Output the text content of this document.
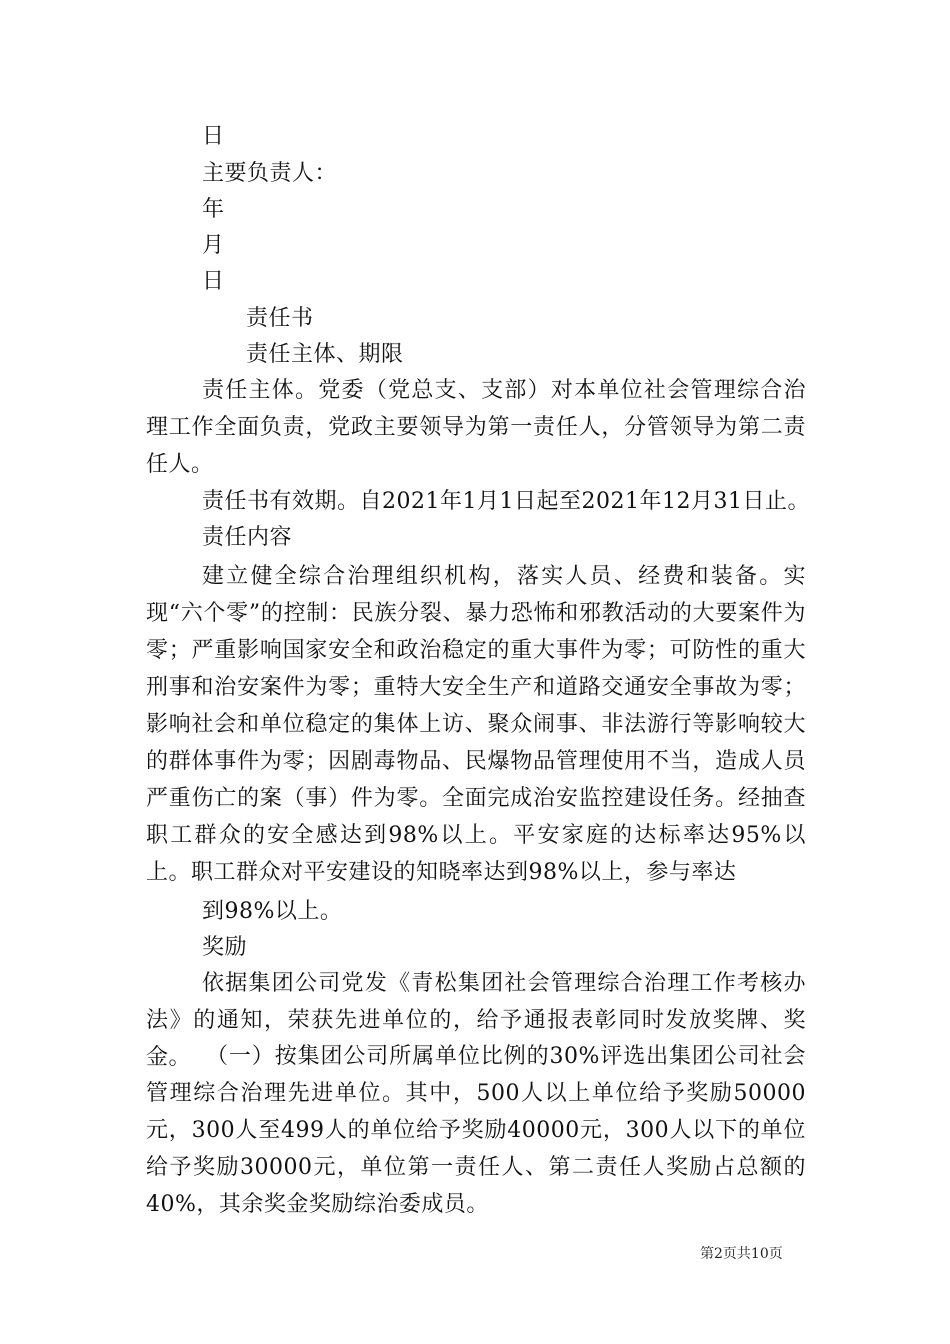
日
主要负责人：
年
月
日
责任书
责任主体、期限
责任主体。党委（党总支、支部）对本单位社会管理综合治理工作全面负责，党政主要领导为第一责任人，分管领导为第二责任人。
责任书有效期。自2021年1月1日起至2021年12月31日止。
责任内容
建立健全综合治理组织机构，落实人员、经费和装备。实现“六个零”的控制：民族分裂、暴力恐怖和邪教活动的大要案件为零；严重影响国家安全和政治稳定的重大事件为零；可防性的重大刑事和治安案件为零；重特大安全生产和道路交通安全事故为零；影响社会和单位稳定的集体上访、聚众闹事、非法游行等影响较大的群体事件为零；因剧毒物品、民爆物品管理使用不当，造成人员严重伤亡的案（事）件为零。全面完成治安监控建设任务。经抽查职工群众的安全感达到98%以上。平安家庭的达标率达95%以上。职工群众对平安建设的知晓率达到98%以上，参与率达
到98%以上。
奖励
依据集团公司党发《青松集团社会管理综合治理工作考核办法》的通知，荣获先进单位的，给予通报表彰同时发放奖牌、奖金。 （一）按集团公司所属单位比例的30%评选出集团公司社会管理综合治理先进单位。其中，500人以上单位给予奖励50000元，300人至499人的单位给予奖励40000元，300人以下的单位给予奖励30000元，单位第一责任人、第二责任人奖励占总额的40%，其余奖金奖励综治委成员。
第2页共10页
